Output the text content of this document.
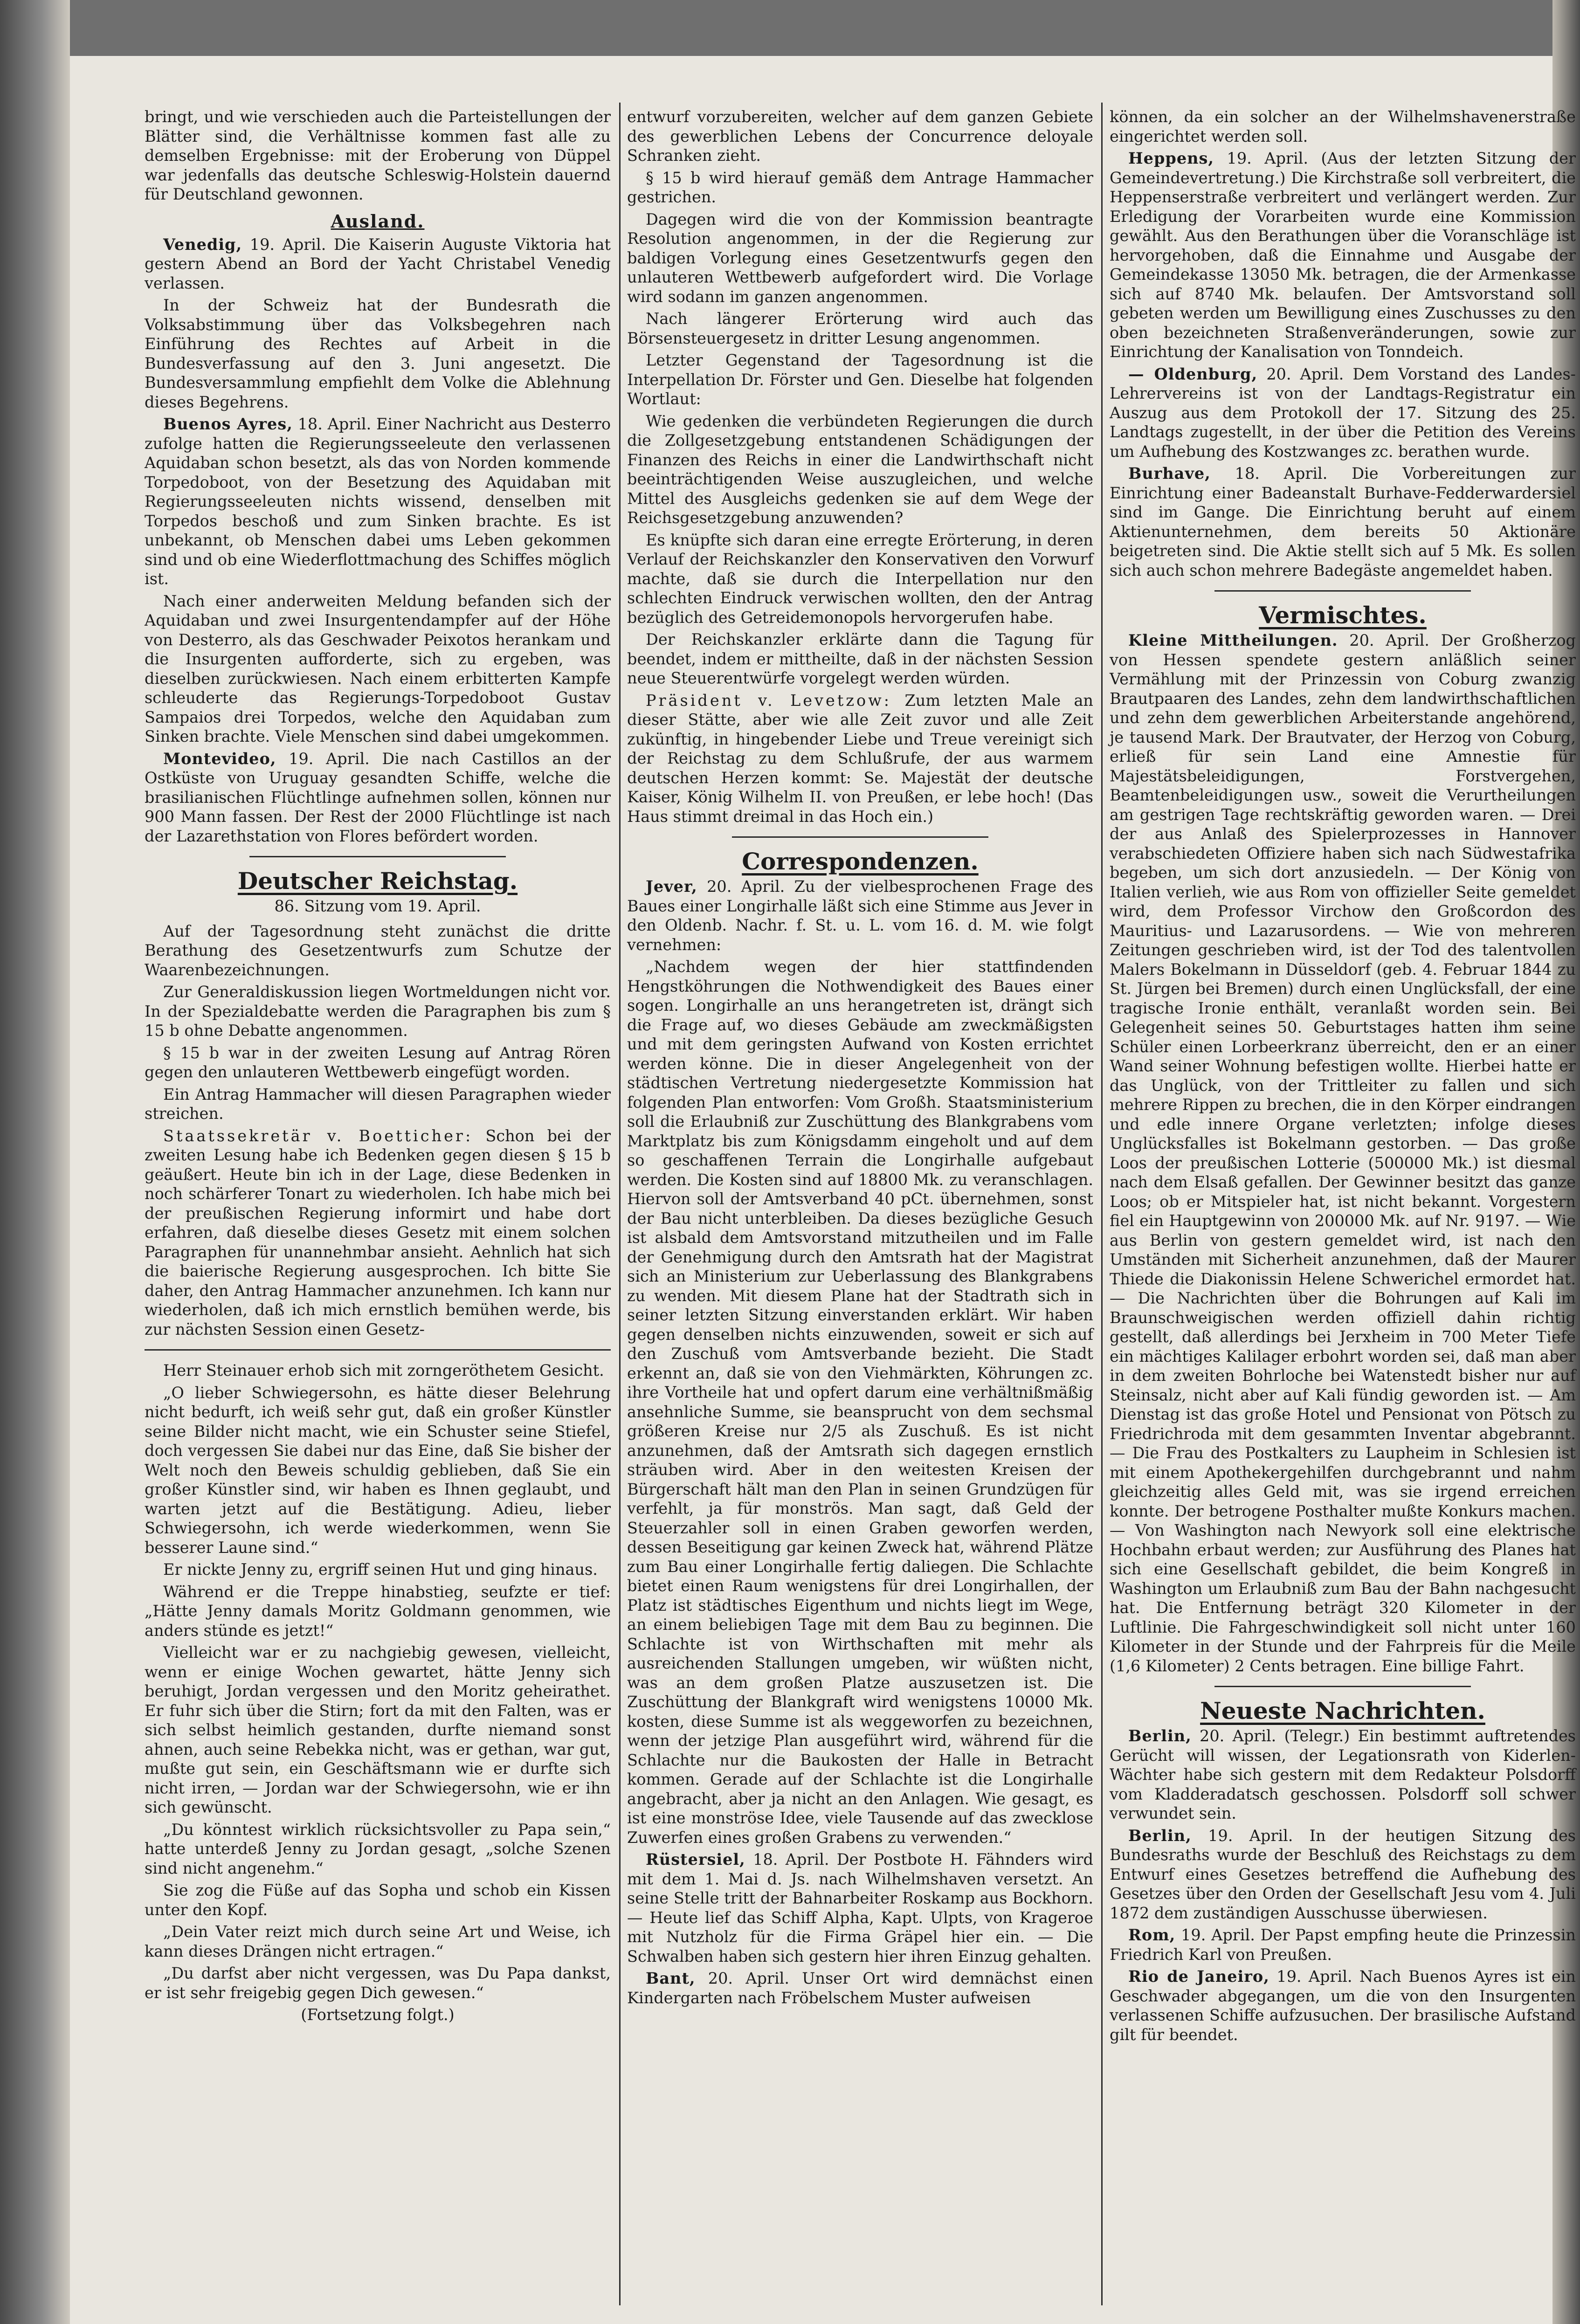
bringt, und wie verschieden auch die Parteistellungen der Blätter sind, die Verhältnisse kommen fast alle zu demselben Ergebnisse: mit der Eroberung von Düppel war jedenfalls das deutsche Schleswig-Holstein dauernd für Deutschland gewonnen.

Ausland.

Venedig, 19. April. Die Kaiserin Auguste Viktoria hat gestern Abend an Bord der Yacht Christabel Venedig verlassen.

In der Schweiz hat der Bundesrath die Volksabstimmung über das Volksbegehren nach Einführung des Rechtes auf Arbeit in die Bundesverfassung auf den 3. Juni angesetzt. Die Bundesversammlung empfiehlt dem Volke die Ablehnung dieses Begehrens.

Buenos Ayres, 18. April. Einer Nachricht aus Desterro zufolge hatten die Regierungsseeleute den verlassenen Aquidaban schon besetzt, als das von Norden kommende Torpedoboot, von der Besetzung des Aquidaban mit Regierungsseeleuten nichts wissend, denselben mit Torpedos beschoß und zum Sinken brachte. Es ist unbekannt, ob Menschen dabei ums Leben gekommen sind und ob eine Wiederflottmachung des Schiffes möglich ist.

Nach einer anderweiten Meldung befanden sich der Aquidaban und zwei Insurgentendampfer auf der Höhe von Desterro, als das Geschwader Peixotos herankam und die Insurgenten aufforderte, sich zu ergeben, was dieselben zurückwiesen. Nach einem erbitterten Kampfe schleuderte das Regierungs-Torpedoboot Gustav Sampaios drei Torpedos, welche den Aquidaban zum Sinken brachte. Viele Menschen sind dabei umgekommen.

Montevideo, 19. April. Die nach Castillos an der Ostküste von Uruguay gesandten Schiffe, welche die brasilianischen Flüchtlinge aufnehmen sollen, können nur 900 Mann fassen. Der Rest der 2000 Flüchtlinge ist nach der Lazarethstation von Flores befördert worden.

Deutscher Reichstag.

86. Sitzung vom 19. April.

Auf der Tagesordnung steht zunächst die dritte Berathung des Gesetzentwurfs zum Schutze der Waarenbezeichnungen.

Zur Generaldiskussion liegen Wortmeldungen nicht vor. In der Spezialdebatte werden die Paragraphen bis zum § 15 b ohne Debatte angenommen.

§ 15 b war in der zweiten Lesung auf Antrag Rören gegen den unlauteren Wettbewerb eingefügt worden.

Ein Antrag Hammacher will diesen Paragraphen wieder streichen.

Staatssekretär v. Boetticher: Schon bei der zweiten Lesung habe ich Bedenken gegen diesen § 15 b geäußert. Heute bin ich in der Lage, diese Bedenken in noch schärferer Tonart zu wiederholen. Ich habe mich bei der preußischen Regierung informirt und habe dort erfahren, daß dieselbe dieses Gesetz mit einem solchen Paragraphen für unannehmbar ansieht. Aehnlich hat sich die baierische Regierung ausgesprochen. Ich bitte Sie daher, den Antrag Hammacher anzunehmen. Ich kann nur wiederholen, daß ich mich ernstlich bemühen werde, bis zur nächsten Session einen Gesetz-

Herr Steinauer erhob sich mit zorngeröthetem Gesicht.

„O lieber Schwiegersohn, es hätte dieser Belehrung nicht bedurft, ich weiß sehr gut, daß ein großer Künstler seine Bilder nicht macht, wie ein Schuster seine Stiefel, doch vergessen Sie dabei nur das Eine, daß Sie bisher der Welt noch den Beweis schuldig geblieben, daß Sie ein großer Künstler sind, wir haben es Ihnen geglaubt, und warten jetzt auf die Bestätigung. Adieu, lieber Schwiegersohn, ich werde wiederkommen, wenn Sie besserer Laune sind.“

Er nickte Jenny zu, ergriff seinen Hut und ging hinaus.

Während er die Treppe hinabstieg, seufzte er tief: „Hätte Jenny damals Moritz Goldmann genommen, wie anders stünde es jetzt!“

Vielleicht war er zu nachgiebig gewesen, vielleicht, wenn er einige Wochen gewartet, hätte Jenny sich beruhigt, Jordan vergessen und den Moritz geheirathet. Er fuhr sich über die Stirn; fort da mit den Falten, was er sich selbst heimlich gestanden, durfte niemand sonst ahnen, auch seine Rebekka nicht, was er gethan, war gut, mußte gut sein, ein Geschäftsmann wie er durfte sich nicht irren, — Jordan war der Schwiegersohn, wie er ihn sich gewünscht.

„Du könntest wirklich rücksichtsvoller zu Papa sein,“ hatte unterdeß Jenny zu Jordan gesagt, „solche Szenen sind nicht angenehm.“

Sie zog die Füße auf das Sopha und schob ein Kissen unter den Kopf.

„Dein Vater reizt mich durch seine Art und Weise, ich kann dieses Drängen nicht ertragen.“

„Du darfst aber nicht vergessen, was Du Papa dankst, er ist sehr freigebig gegen Dich gewesen.“

(Fortsetzung folgt.)

entwurf vorzubereiten, welcher auf dem ganzen Gebiete des gewerblichen Lebens der Concurrence deloyale Schranken zieht.

§ 15 b wird hierauf gemäß dem Antrage Hammacher gestrichen.

Dagegen wird die von der Kommission beantragte Resolution angenommen, in der die Regierung zur baldigen Vorlegung eines Gesetzentwurfs gegen den unlauteren Wettbewerb aufgefordert wird. Die Vorlage wird sodann im ganzen angenommen.

Nach längerer Erörterung wird auch das Börsensteuergesetz in dritter Lesung angenommen.

Letzter Gegenstand der Tagesordnung ist die Interpellation Dr. Förster und Gen. Dieselbe hat folgenden Wortlaut:

Wie gedenken die verbündeten Regierungen die durch die Zollgesetzgebung entstandenen Schädigungen der Finanzen des Reichs in einer die Landwirthschaft nicht beeinträchtigenden Weise auszugleichen, und welche Mittel des Ausgleichs gedenken sie auf dem Wege der Reichsgesetzgebung anzuwenden?

Es knüpfte sich daran eine erregte Erörterung, in deren Verlauf der Reichskanzler den Konservativen den Vorwurf machte, daß sie durch die Interpellation nur den schlechten Eindruck verwischen wollten, den der Antrag bezüglich des Getreidemonopols hervorgerufen habe.

Der Reichskanzler erklärte dann die Tagung für beendet, indem er mittheilte, daß in der nächsten Session neue Steuerentwürfe vorgelegt werden würden.

Präsident v. Levetzow: Zum letzten Male an dieser Stätte, aber wie alle Zeit zuvor und alle Zeit zukünftig, in hingebender Liebe und Treue vereinigt sich der Reichstag zu dem Schlußrufe, der aus warmem deutschen Herzen kommt: Se. Majestät der deutsche Kaiser, König Wilhelm II. von Preußen, er lebe hoch! (Das Haus stimmt dreimal in das Hoch ein.)

Correspondenzen.

Jever, 20. April. Zu der vielbesprochenen Frage des Baues einer Longirhalle läßt sich eine Stimme aus Jever in den Oldenb. Nachr. f. St. u. L. vom 16. d. M. wie folgt vernehmen:

„Nachdem wegen der hier stattfindenden Hengstköhrungen die Nothwendigkeit des Baues einer sogen. Longirhalle an uns herangetreten ist, drängt sich die Frage auf, wo dieses Gebäude am zweckmäßigsten und mit dem geringsten Aufwand von Kosten errichtet werden könne. Die in dieser Angelegenheit von der städtischen Vertretung niedergesetzte Kommission hat folgenden Plan entworfen: Vom Großh. Staatsministerium soll die Erlaubniß zur Zuschüttung des Blankgrabens vom Marktplatz bis zum Königsdamm eingeholt und auf dem so geschaffenen Terrain die Longirhalle aufgebaut werden. Die Kosten sind auf 18800 Mk. zu veranschlagen. Hiervon soll der Amtsverband 40 pCt. übernehmen, sonst der Bau nicht unterbleiben. Da dieses bezügliche Gesuch ist alsbald dem Amtsvorstand mitzutheilen und im Falle der Genehmigung durch den Amtsrath hat der Magistrat sich an Ministerium zur Ueberlassung des Blankgrabens zu wenden. Mit diesem Plane hat der Stadtrath sich in seiner letzten Sitzung einverstanden erklärt. Wir haben gegen denselben nichts einzuwenden, soweit er sich auf den Zuschuß vom Amtsverbande bezieht. Die Stadt erkennt an, daß sie von den Viehmärkten, Köhrungen zc. ihre Vortheile hat und opfert darum eine verhältnißmäßig ansehnliche Summe, sie beansprucht von dem sechsmal größeren Kreise nur 2/5 als Zuschuß. Es ist nicht anzunehmen, daß der Amtsrath sich dagegen ernstlich sträuben wird. Aber in den weitesten Kreisen der Bürgerschaft hält man den Plan in seinen Grundzügen für verfehlt, ja für monströs. Man sagt, daß Geld der Steuerzahler soll in einen Graben geworfen werden, dessen Beseitigung gar keinen Zweck hat, während Plätze zum Bau einer Longirhalle fertig daliegen. Die Schlachte bietet einen Raum wenigstens für drei Longirhallen, der Platz ist städtisches Eigenthum und nichts liegt im Wege, an einem beliebigen Tage mit dem Bau zu beginnen. Die Schlachte ist von Wirthschaften mit mehr als ausreichenden Stallungen umgeben, wir wüßten nicht, was an dem großen Platze auszusetzen ist. Die Zuschüttung der Blankgraft wird wenigstens 10000 Mk. kosten, diese Summe ist als weggeworfen zu bezeichnen, wenn der jetzige Plan ausgeführt wird, während für die Schlachte nur die Baukosten der Halle in Betracht kommen. Gerade auf der Schlachte ist die Longirhalle angebracht, aber ja nicht an den Anlagen. Wie gesagt, es ist eine monströse Idee, viele Tausende auf das zwecklose Zuwerfen eines großen Grabens zu verwenden.“

Rüstersiel, 18. April. Der Postbote H. Fähnders wird mit dem 1. Mai d. Js. nach Wilhelmshaven versetzt. An seine Stelle tritt der Bahnarbeiter Roskamp aus Bockhorn. — Heute lief das Schiff Alpha, Kapt. Ulpts, von Krageroe mit Nutzholz für die Firma Gräpel hier ein. — Die Schwalben haben sich gestern hier ihren Einzug gehalten.

Bant, 20. April. Unser Ort wird demnächst einen Kindergarten nach Fröbelschem Muster aufweisen

können, da ein solcher an der Wilhelmshavenerstraße eingerichtet werden soll.

Heppens, 19. April. (Aus der letzten Sitzung der Gemeindevertretung.) Die Kirchstraße soll verbreitert, die Heppenserstraße verbreitert und verlängert werden. Zur Erledigung der Vorarbeiten wurde eine Kommission gewählt. Aus den Berathungen über die Voranschläge ist hervorgehoben, daß die Einnahme und Ausgabe der Gemeindekasse 13050 Mk. betragen, die der Armenkasse sich auf 8740 Mk. belaufen. Der Amtsvorstand soll gebeten werden um Bewilligung eines Zuschusses zu den oben bezeichneten Straßenveränderungen, sowie zur Einrichtung der Kanalisation von Tonndeich.

— Oldenburg, 20. April. Dem Vorstand des Landes-Lehrervereins ist von der Landtags-Registratur ein Auszug aus dem Protokoll der 17. Sitzung des 25. Landtags zugestellt, in der über die Petition des Vereins um Aufhebung des Kostzwanges zc. berathen wurde.

Burhave, 18. April. Die Vorbereitungen zur Einrichtung einer Badeanstalt Burhave-Fedderwardersiel sind im Gange. Die Einrichtung beruht auf einem Aktienunternehmen, dem bereits 50 Aktionäre beigetreten sind. Die Aktie stellt sich auf 5 Mk. Es sollen sich auch schon mehrere Badegäste angemeldet haben.

Vermischtes.

Kleine Mittheilungen. 20. April. Der Großherzog von Hessen spendete gestern anläßlich seiner Vermählung mit der Prinzessin von Coburg zwanzig Brautpaaren des Landes, zehn dem landwirthschaftlichen und zehn dem gewerblichen Arbeiterstande angehörend, je tausend Mark. Der Brautvater, der Herzog von Coburg, erließ für sein Land eine Amnestie für Majestätsbeleidigungen, Forstvergehen, Beamtenbeleidigungen usw., soweit die Verurtheilungen am gestrigen Tage rechtskräftig geworden waren. — Drei der aus Anlaß des Spielerprozesses in Hannover verabschiedeten Offiziere haben sich nach Südwestafrika begeben, um sich dort anzusiedeln. — Der König von Italien verlieh, wie aus Rom von offizieller Seite gemeldet wird, dem Professor Virchow den Großcordon des Mauritius- und Lazarusordens. — Wie von mehreren Zeitungen geschrieben wird, ist der Tod des talentvollen Malers Bokelmann in Düsseldorf (geb. 4. Februar 1844 zu St. Jürgen bei Bremen) durch einen Unglücksfall, der eine tragische Ironie enthält, veranlaßt worden sein. Bei Gelegenheit seines 50. Geburtstages hatten ihm seine Schüler einen Lorbeerkranz überreicht, den er an einer Wand seiner Wohnung befestigen wollte. Hierbei hatte er das Unglück, von der Trittleiter zu fallen und sich mehrere Rippen zu brechen, die in den Körper eindrangen und edle innere Organe verletzten; infolge dieses Unglücksfalles ist Bokelmann gestorben. — Das große Loos der preußischen Lotterie (500000 Mk.) ist diesmal nach dem Elsaß gefallen. Der Gewinner besitzt das ganze Loos; ob er Mitspieler hat, ist nicht bekannt. Vorgestern fiel ein Hauptgewinn von 200000 Mk. auf Nr. 9197. — Wie aus Berlin von gestern gemeldet wird, ist nach den Umständen mit Sicherheit anzunehmen, daß der Maurer Thiede die Diakonissin Helene Schwerichel ermordet hat. — Die Nachrichten über die Bohrungen auf Kali im Braunschweigischen werden offiziell dahin richtig gestellt, daß allerdings bei Jerxheim in 700 Meter Tiefe ein mächtiges Kalilager erbohrt worden sei, daß man aber in dem zweiten Bohrloche bei Watenstedt bisher nur auf Steinsalz, nicht aber auf Kali fündig geworden ist. — Am Dienstag ist das große Hotel und Pensionat von Pötsch zu Friedrichroda mit dem gesammten Inventar abgebrannt. — Die Frau des Postkalters zu Laupheim in Schlesien ist mit einem Apothekergehilfen durchgebrannt und nahm gleichzeitig alles Geld mit, was sie irgend erreichen konnte. Der betrogene Posthalter mußte Konkurs machen. — Von Washington nach Newyork soll eine elektrische Hochbahn erbaut werden; zur Ausführung des Planes hat sich eine Gesellschaft gebildet, die beim Kongreß in Washington um Erlaubniß zum Bau der Bahn nachgesucht hat. Die Entfernung beträgt 320 Kilometer in der Luftlinie. Die Fahrgeschwindigkeit soll nicht unter 160 Kilometer in der Stunde und der Fahrpreis für die Meile (1,6 Kilometer) 2 Cents betragen. Eine billige Fahrt.

Neueste Nachrichten.

Berlin, 20. April. (Telegr.) Ein bestimmt auftretendes Gerücht will wissen, der Legationsrath von Kiderlen-Wächter habe sich gestern mit dem Redakteur Polsdorff vom Kladderadatsch geschossen. Polsdorff soll schwer verwundet sein.

Berlin, 19. April. In der heutigen Sitzung des Bundesraths wurde der Beschluß des Reichstags zu dem Entwurf eines Gesetzes betreffend die Aufhebung des Gesetzes über den Orden der Gesellschaft Jesu vom 4. Juli 1872 dem zuständigen Ausschusse überwiesen.

Rom, 19. April. Der Papst empfing heute die Prinzessin Friedrich Karl von Preußen.

Rio de Janeiro, 19. April. Nach Buenos Ayres ist ein Geschwader abgegangen, um die von den Insurgenten verlassenen Schiffe aufzusuchen. Der brasilische Aufstand gilt für beendet.
